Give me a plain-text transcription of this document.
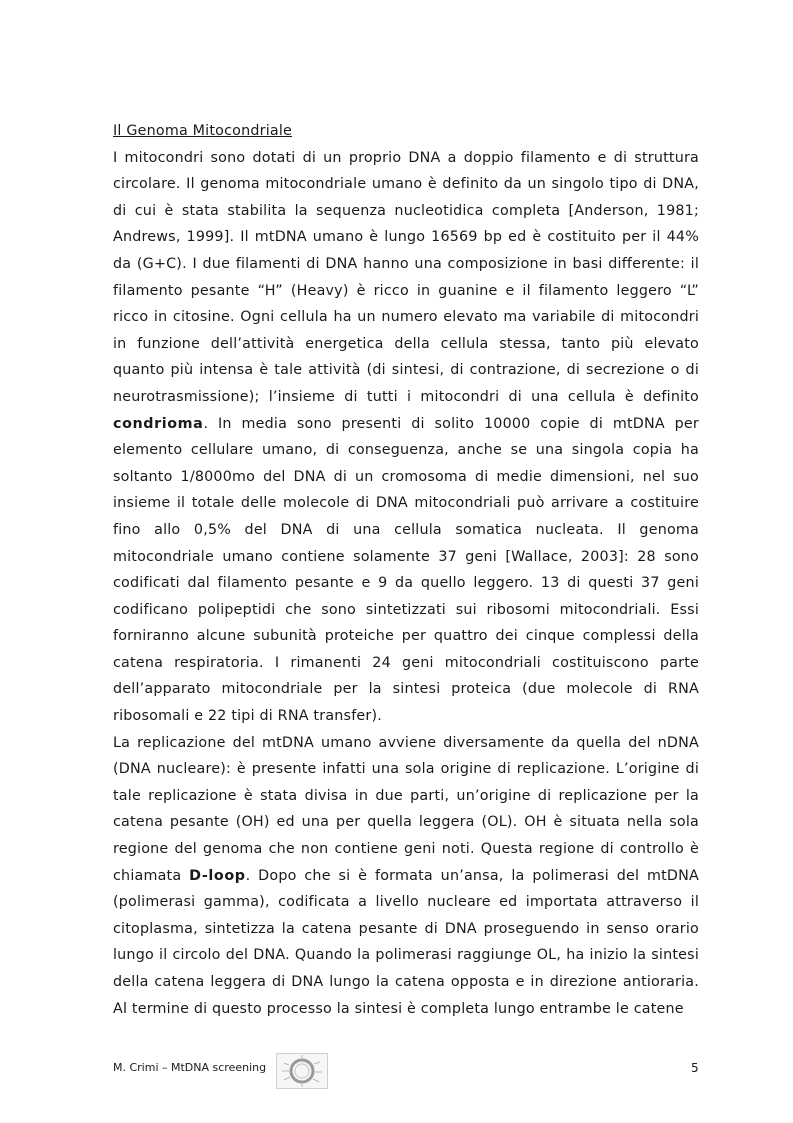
Il Genoma Mitocondriale

I mitocondri sono dotati di un proprio DNA a doppio filamento e di struttura circolare. Il genoma mitocondriale umano è definito da un singolo tipo di DNA, di cui è stata stabilita la sequenza nucleotidica completa [Anderson, 1981; Andrews, 1999]. Il mtDNA umano è lungo 16569 bp ed è costituito per il 44% da (G+C). I due filamenti di DNA hanno una composizione in basi differente: il filamento pesante “H” (Heavy) è ricco in guanine e il filamento leggero “L” ricco in citosine. Ogni cellula ha un numero elevato ma variabile di mitocondri in funzione dell’attività energetica della cellula stessa, tanto più elevato quanto più intensa è tale attività (di sintesi, di contrazione, di secrezione o di neurotrasmissione); l’insieme di tutti i mitocondri di una cellula è definito condrioma. In media sono presenti di solito 10000 copie di mtDNA per elemento cellulare umano, di conseguenza, anche se una singola copia ha soltanto 1/8000mo del DNA di un cromosoma di medie dimensioni, nel suo insieme il totale delle molecole di DNA mitocondriali può arrivare a costituire fino allo 0,5% del DNA di una cellula somatica nucleata. Il genoma mitocondriale umano contiene solamente 37 geni [Wallace, 2003]: 28 sono codificati dal filamento pesante e 9 da quello leggero. 13 di questi 37 geni codificano polipeptidi che sono sintetizzati sui ribosomi mitocondriali. Essi forniranno alcune subunità proteiche per quattro dei cinque complessi della catena respiratoria. I rimanenti 24 geni mitocondriali costituiscono parte dell’apparato mitocondriale per la sintesi proteica (due molecole di RNA ribosomali e 22 tipi di RNA transfer).

La replicazione del mtDNA umano avviene diversamente da quella del nDNA (DNA nucleare): è presente infatti una sola origine di replicazione. L’origine di tale replicazione è stata divisa in due parti, un’origine di replicazione per la catena pesante (OH) ed una per quella leggera (OL). OH è situata nella sola regione del genoma che non contiene geni noti. Questa regione di controllo è chiamata D-loop. Dopo che si è formata un’ansa, la polimerasi del mtDNA (polimerasi gamma), codificata a livello nucleare ed importata attraverso il citoplasma, sintetizza la catena pesante di DNA proseguendo in senso orario lungo il circolo del DNA. Quando la polimerasi raggiunge OL, ha inizio la sintesi della catena leggera di DNA lungo la catena opposta e in direzione antioraria. Al termine di questo processo la sintesi è completa lungo entrambe le catene

M. Crimi – MtDNA screening	5
